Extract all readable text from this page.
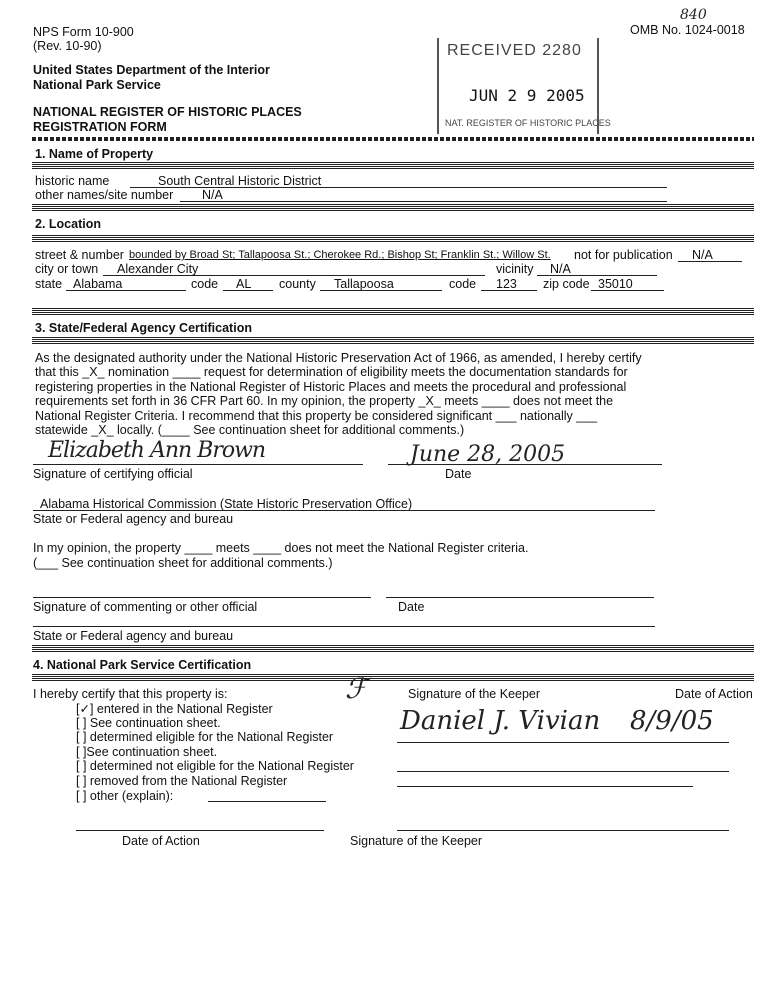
NPS Form 10-900
(Rev. 10-90)
OMB No. 1024-0018
840
United States Department of the Interior
National Park Service
NATIONAL REGISTER OF HISTORIC PLACES
REGISTRATION FORM
RECEIVED 2280
JUN 2 9 2005
NAT. REGISTER OF HISTORIC PLACES
1. Name of Property
historic name	South Central Historic District
other names/site number N/A
2. Location
street & number bounded by Broad St; Tallapoosa St.; Cherokee Rd.; Bishop St; Franklin St.; Willow St. not for publication N/A
city or town Alexander City	vicinity N/A
state Alabama	code AL county Tallapoosa	code 123 zip code 35010
3. State/Federal Agency Certification
As the designated authority under the National Historic Preservation Act of 1966, as amended, I hereby certify
that this _X_ nomination ____ request for determination of eligibility meets the documentation standards for
registering properties in the National Register of Historic Places and meets the procedural and professional
requirements set forth in 36 CFR Part 60. In my opinion, the property _X_ meets ____ does not meet the
National Register Criteria. I recommend that this property be considered significant ___ nationally ___
statewide _X_ locally. (____ See continuation sheet for additional comments.)
Elizabeth Ann Brown	June 28, 2005
Signature of certifying official	Date
Alabama Historical Commission (State Historic Preservation Office)
State or Federal agency and bureau
In my opinion, the property ____ meets ____ does not meet the National Register criteria.
(___ See continuation sheet for additional comments.)
Signature of commenting or other official	Date
State or Federal agency and bureau
4. National Park Service Certification
I hereby certify that this property is:	ℱ	Signature of the Keeper	Date of Action
[✓] entered in the National Register
[ ] See continuation sheet.
[ ] determined eligible for the National Register
[ ]See continuation sheet.
[ ] determined not eligible for the National Register
[ ] removed from the National Register
[ ] other (explain):
Daniel J. Vivian 8/9/05
Date of Action	Signature of the Keeper
